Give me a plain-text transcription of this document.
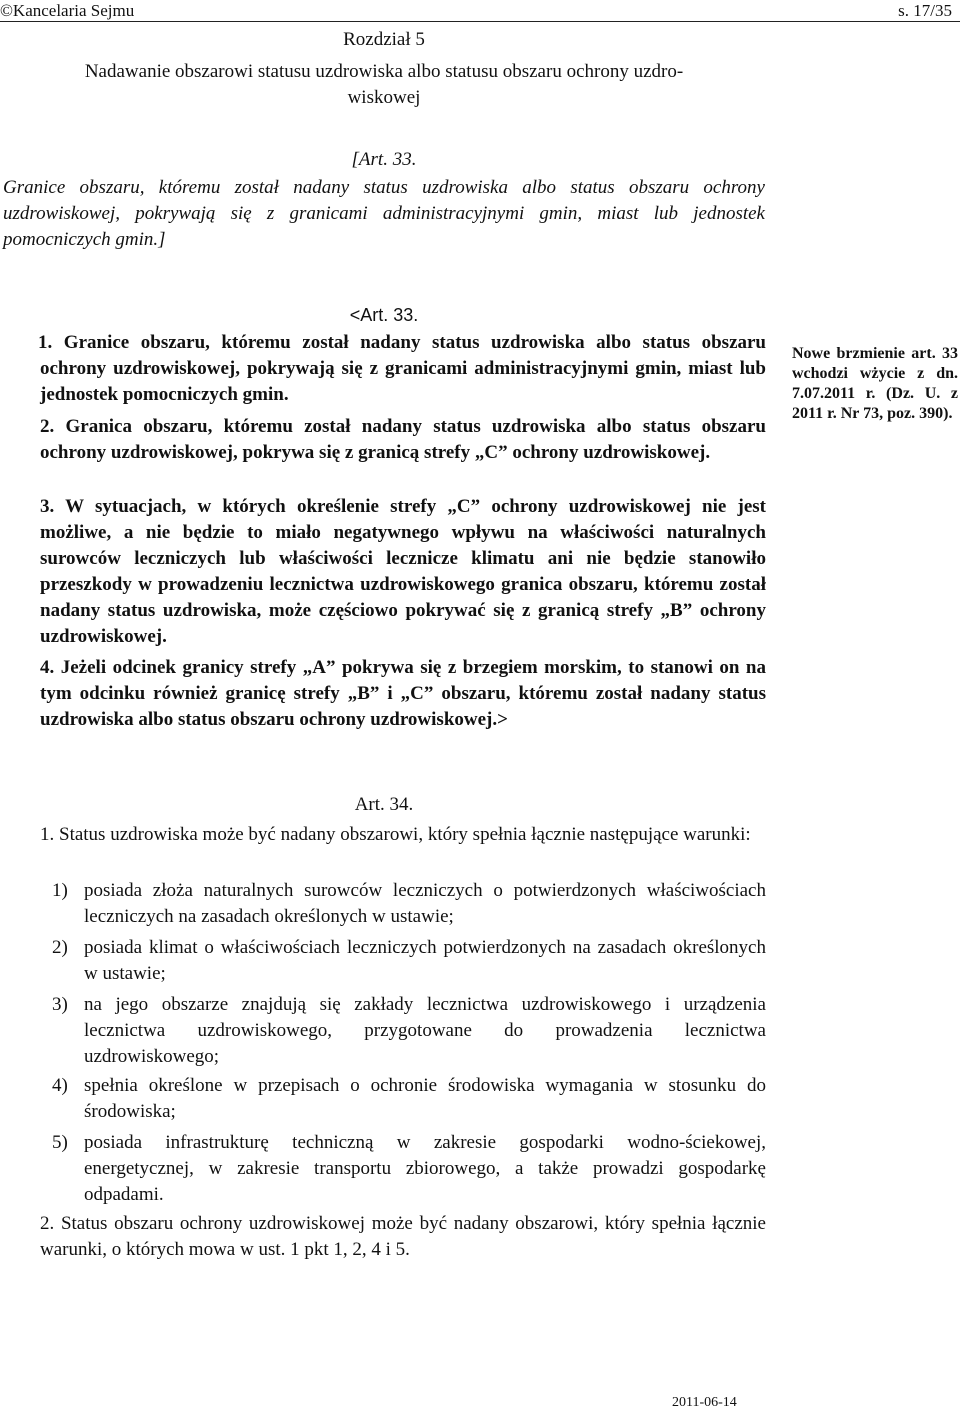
©Kancelaria Sejmu	s. 17/35
Rozdział 5
Nadawanie obszarowi statusu uzdrowiska albo statusu obszaru ochrony uzdro-
wiskowej
[Art. 33.
Granice obszaru, któremu został nadany status uzdrowiska albo status obszaru ochrony uzdrowiskowej, pokrywają się z granicami administracyjnymi gmin, miast lub jednostek pomocniczych gmin.]
<Art. 33.
1. Granice obszaru, któremu został nadany status uzdrowiska albo status obszaru ochrony uzdrowiskowej, pokrywają się z granicami administracyjnymi gmin, miast lub jednostek pomocniczych gmin.
2. Granica obszaru, któremu został nadany status uzdrowiska albo status obszaru ochrony uzdrowiskowej, pokrywa się z granicą strefy „C” ochrony uzdrowiskowej.
3. W sytuacjach, w których określenie strefy „C” ochrony uzdrowiskowej nie jest możliwe, a nie będzie to miało negatywnego wpływu na właściwości naturalnych surowców leczniczych lub właściwości lecznicze klimatu ani nie będzie stanowiło przeszkody w prowadzeniu lecznictwa uzdrowiskowego granica obszaru, któremu został nadany status uzdrowiska, może częściowo pokrywać się z granicą strefy „B” ochrony uzdrowiskowej.
4. Jeżeli odcinek granicy strefy „A” pokrywa się z brzegiem morskim, to stanowi on na tym odcinku również granicę strefy „B” i „C” obszaru, któremu został nadany status uzdrowiska albo status obszaru ochrony uzdrowiskowej.>
Nowe brzmienie art. 33 wchodzi wżycie z dn. 7.07.2011 r. (Dz. U. z 2011 r. Nr 73, poz. 390).
Art. 34.
1. Status uzdrowiska może być nadany obszarowi, który spełnia łącznie następujące warunki:
1) posiada złoża naturalnych surowców leczniczych o potwierdzonych właściwościach leczniczych na zasadach określonych w ustawie;
2) posiada klimat o właściwościach leczniczych potwierdzonych na zasadach określonych w ustawie;
3) na jego obszarze znajdują się zakłady lecznictwa uzdrowiskowego i urządzenia lecznictwa uzdrowiskowego, przygotowane do prowadzenia lecznictwa uzdrowiskowego;
4) spełnia określone w przepisach o ochronie środowiska wymagania w stosunku do środowiska;
5) posiada infrastrukturę techniczną w zakresie gospodarki wodno-ściekowej, energetycznej, w zakresie transportu zbiorowego, a także prowadzi gospodarkę odpadami.
2. Status obszaru ochrony uzdrowiskowej może być nadany obszarowi, który spełnia łącznie warunki, o których mowa w ust. 1 pkt 1, 2, 4 i 5.
2011-06-14
